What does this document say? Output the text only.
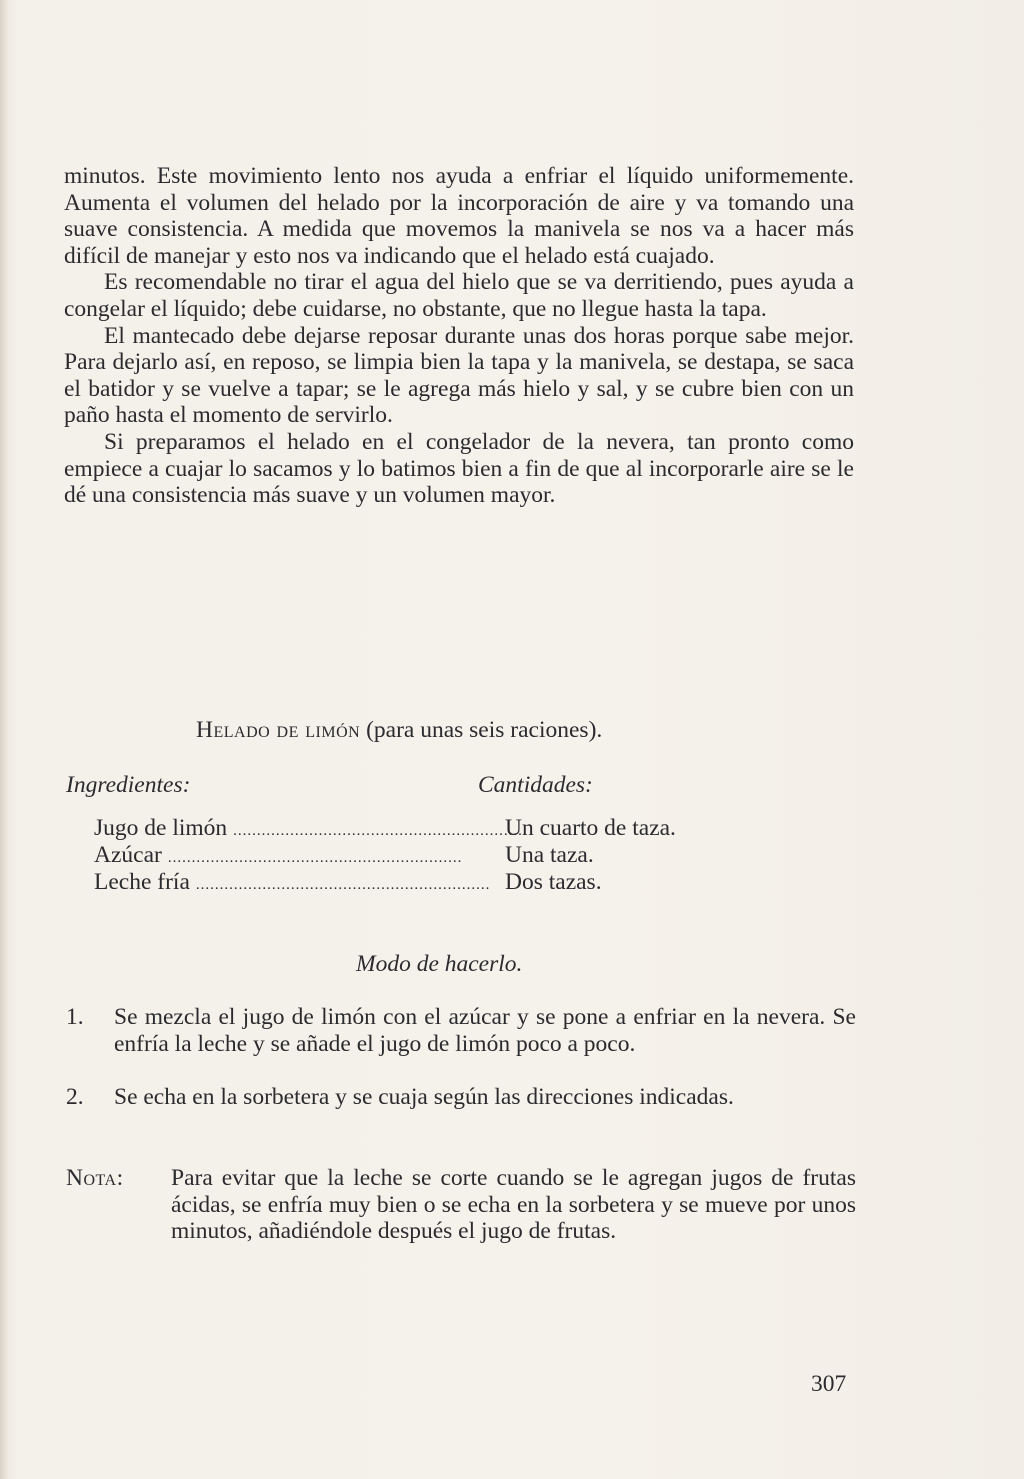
minutos. Este movimiento lento nos ayuda a enfriar el líquido uniformemente. Aumenta el volumen del helado por la incorporación de aire y va tomando una suave consistencia. A medida que movemos la manivela se nos va a hacer más difícil de manejar y esto nos va indicando que el helado está cuajado.

Es recomendable no tirar el agua del hielo que se va derritiendo, pues ayuda a congelar el líquido; debe cuidarse, no obstante, que no llegue hasta la tapa.

El mantecado debe dejarse reposar durante unas dos horas porque sabe mejor. Para dejarlo así, en reposo, se limpia bien la tapa y la manivela, se destapa, se saca el batidor y se vuelve a tapar; se le agrega más hielo y sal, y se cubre bien con un paño hasta el momento de servirlo.

Si preparamos el helado en el congelador de la nevera, tan pronto como empiece a cuajar lo sacamos y lo batimos bien a fin de que al incorporarle aire se le dé una consistencia más suave y un volumen mayor.

Helado de limón (para unas seis raciones).
Ingredientes:	Cantidades:
Jugo de limón ..............................................................
Un cuarto de taza.
Azúcar .............................................................. Una taza.
Leche fría .............................................................. Dos tazas.
Modo de hacerlo.
1. Se mezcla el jugo de limón con el azúcar y se pone a enfriar en la nevera. Se enfría la leche y se añade el jugo de limón poco a poco.
2. Se echa en la sorbetera y se cuaja según las direcciones indicadas.
Nota: Para evitar que la leche se corte cuando se le agregan jugos de frutas ácidas, se enfría muy bien o se echa en la sorbetera y se mueve por unos minutos, añadiéndole después el jugo de frutas.
307
